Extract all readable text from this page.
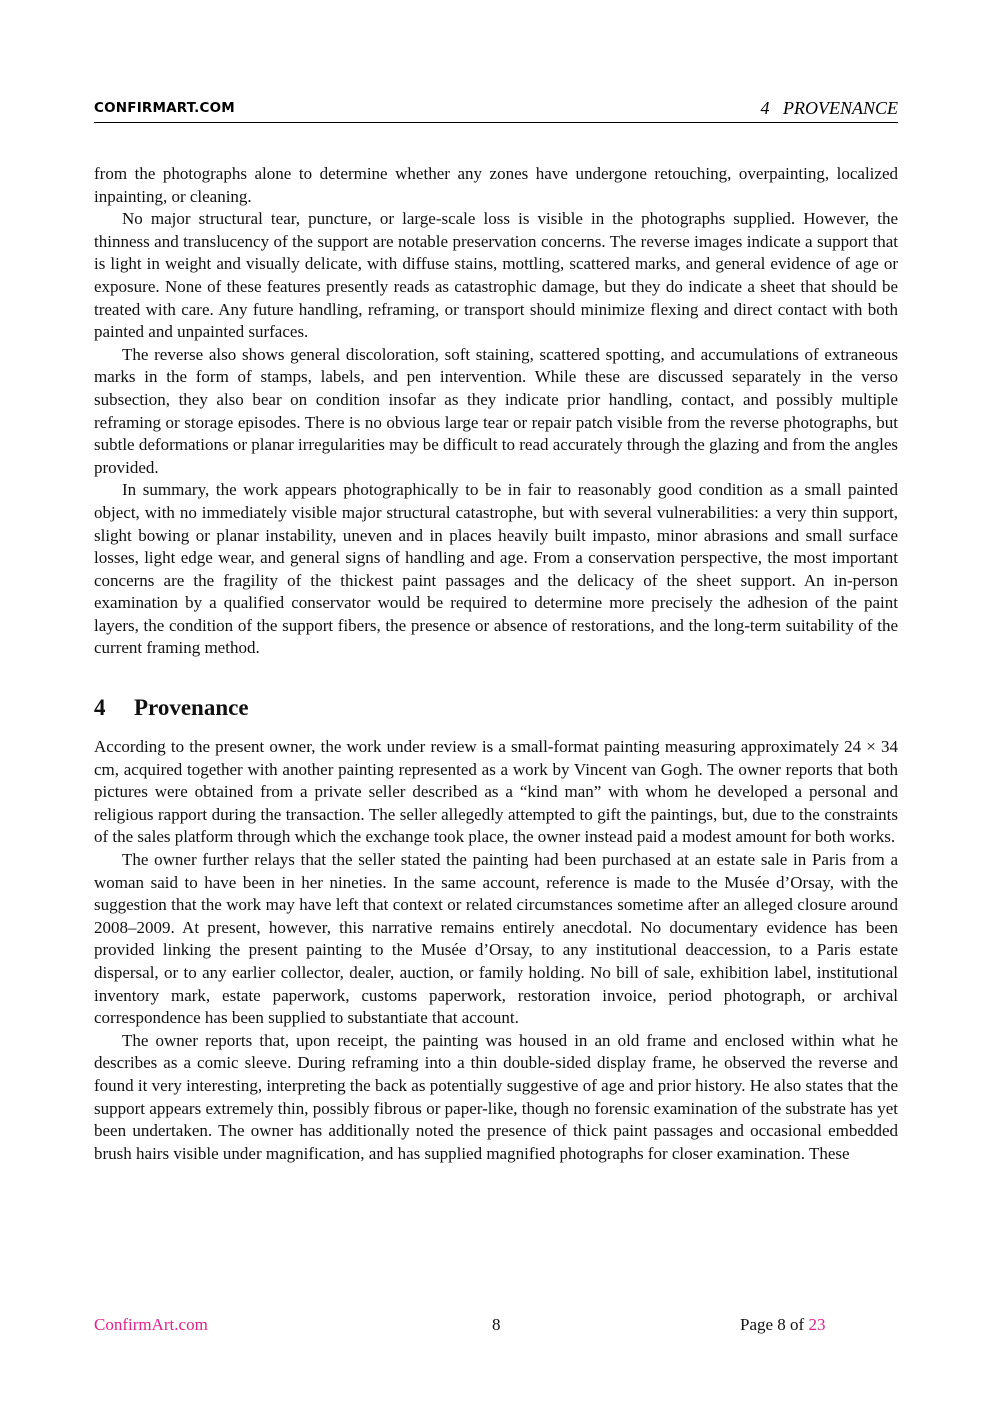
CONFIRMART.COM	4 PROVENANCE

from the photographs alone to determine whether any zones have undergone retouching, overpainting, localized inpainting, or cleaning.

No major structural tear, puncture, or large-scale loss is visible in the photographs supplied. However, the thinness and translucency of the support are notable preservation concerns. The reverse images indicate a support that is light in weight and visually delicate, with diffuse stains, mottling, scattered marks, and general evidence of age or exposure. None of these features presently reads as catastrophic damage, but they do indicate a sheet that should be treated with care. Any future handling, reframing, or transport should minimize flexing and direct contact with both painted and unpainted surfaces.

The reverse also shows general discoloration, soft staining, scattered spotting, and accumulations of extraneous marks in the form of stamps, labels, and pen intervention. While these are discussed separately in the verso subsection, they also bear on condition insofar as they indicate prior handling, contact, and possibly multiple reframing or storage episodes. There is no obvious large tear or repair patch visible from the reverse photographs, but subtle deformations or planar irregularities may be difficult to read accurately through the glazing and from the angles provided.

In summary, the work appears photographically to be in fair to reasonably good condition as a small painted object, with no immediately visible major structural catastrophe, but with several vulnerabilities: a very thin support, slight bowing or planar instability, uneven and in places heavily built impasto, minor abrasions and small surface losses, light edge wear, and general signs of handling and age. From a conservation perspective, the most important concerns are the fragility of the thickest paint passages and the delicacy of the sheet support. An in-person examination by a qualified conservator would be required to determine more precisely the adhesion of the paint layers, the condition of the support fibers, the presence or absence of restorations, and the long-term suitability of the current framing method.

4 Provenance

According to the present owner, the work under review is a small-format painting measuring approximately 24 × 34 cm, acquired together with another painting represented as a work by Vincent van Gogh. The owner reports that both pictures were obtained from a private seller described as a “kind man” with whom he developed a personal and religious rapport during the transaction. The seller allegedly attempted to gift the paintings, but, due to the constraints of the sales platform through which the exchange took place, the owner instead paid a modest amount for both works.

The owner further relays that the seller stated the painting had been purchased at an estate sale in Paris from a woman said to have been in her nineties. In the same account, reference is made to the Musée d’Orsay, with the suggestion that the work may have left that context or related circumstances sometime after an alleged closure around 2008–2009. At present, however, this narrative remains entirely anecdotal. No documentary evidence has been provided linking the present painting to the Musée d’Orsay, to any institutional deaccession, to a Paris estate dispersal, or to any earlier collector, dealer, auction, or family holding. No bill of sale, exhibition label, institutional inventory mark, estate paperwork, customs paperwork, restoration invoice, period photograph, or archival correspondence has been supplied to substantiate that account.

The owner reports that, upon receipt, the painting was housed in an old frame and enclosed within what he describes as a comic sleeve. During reframing into a thin double-sided display frame, he observed the reverse and found it very interesting, interpreting the back as potentially suggestive of age and prior history. He also states that the support appears extremely thin, possibly fibrous or paper-like, though no forensic examination of the substrate has yet been undertaken. The owner has additionally noted the presence of thick paint passages and occasional embedded brush hairs visible under magnification, and has supplied magnified photographs for closer examination. These

ConfirmArt.com	8	Page 8 of 23
